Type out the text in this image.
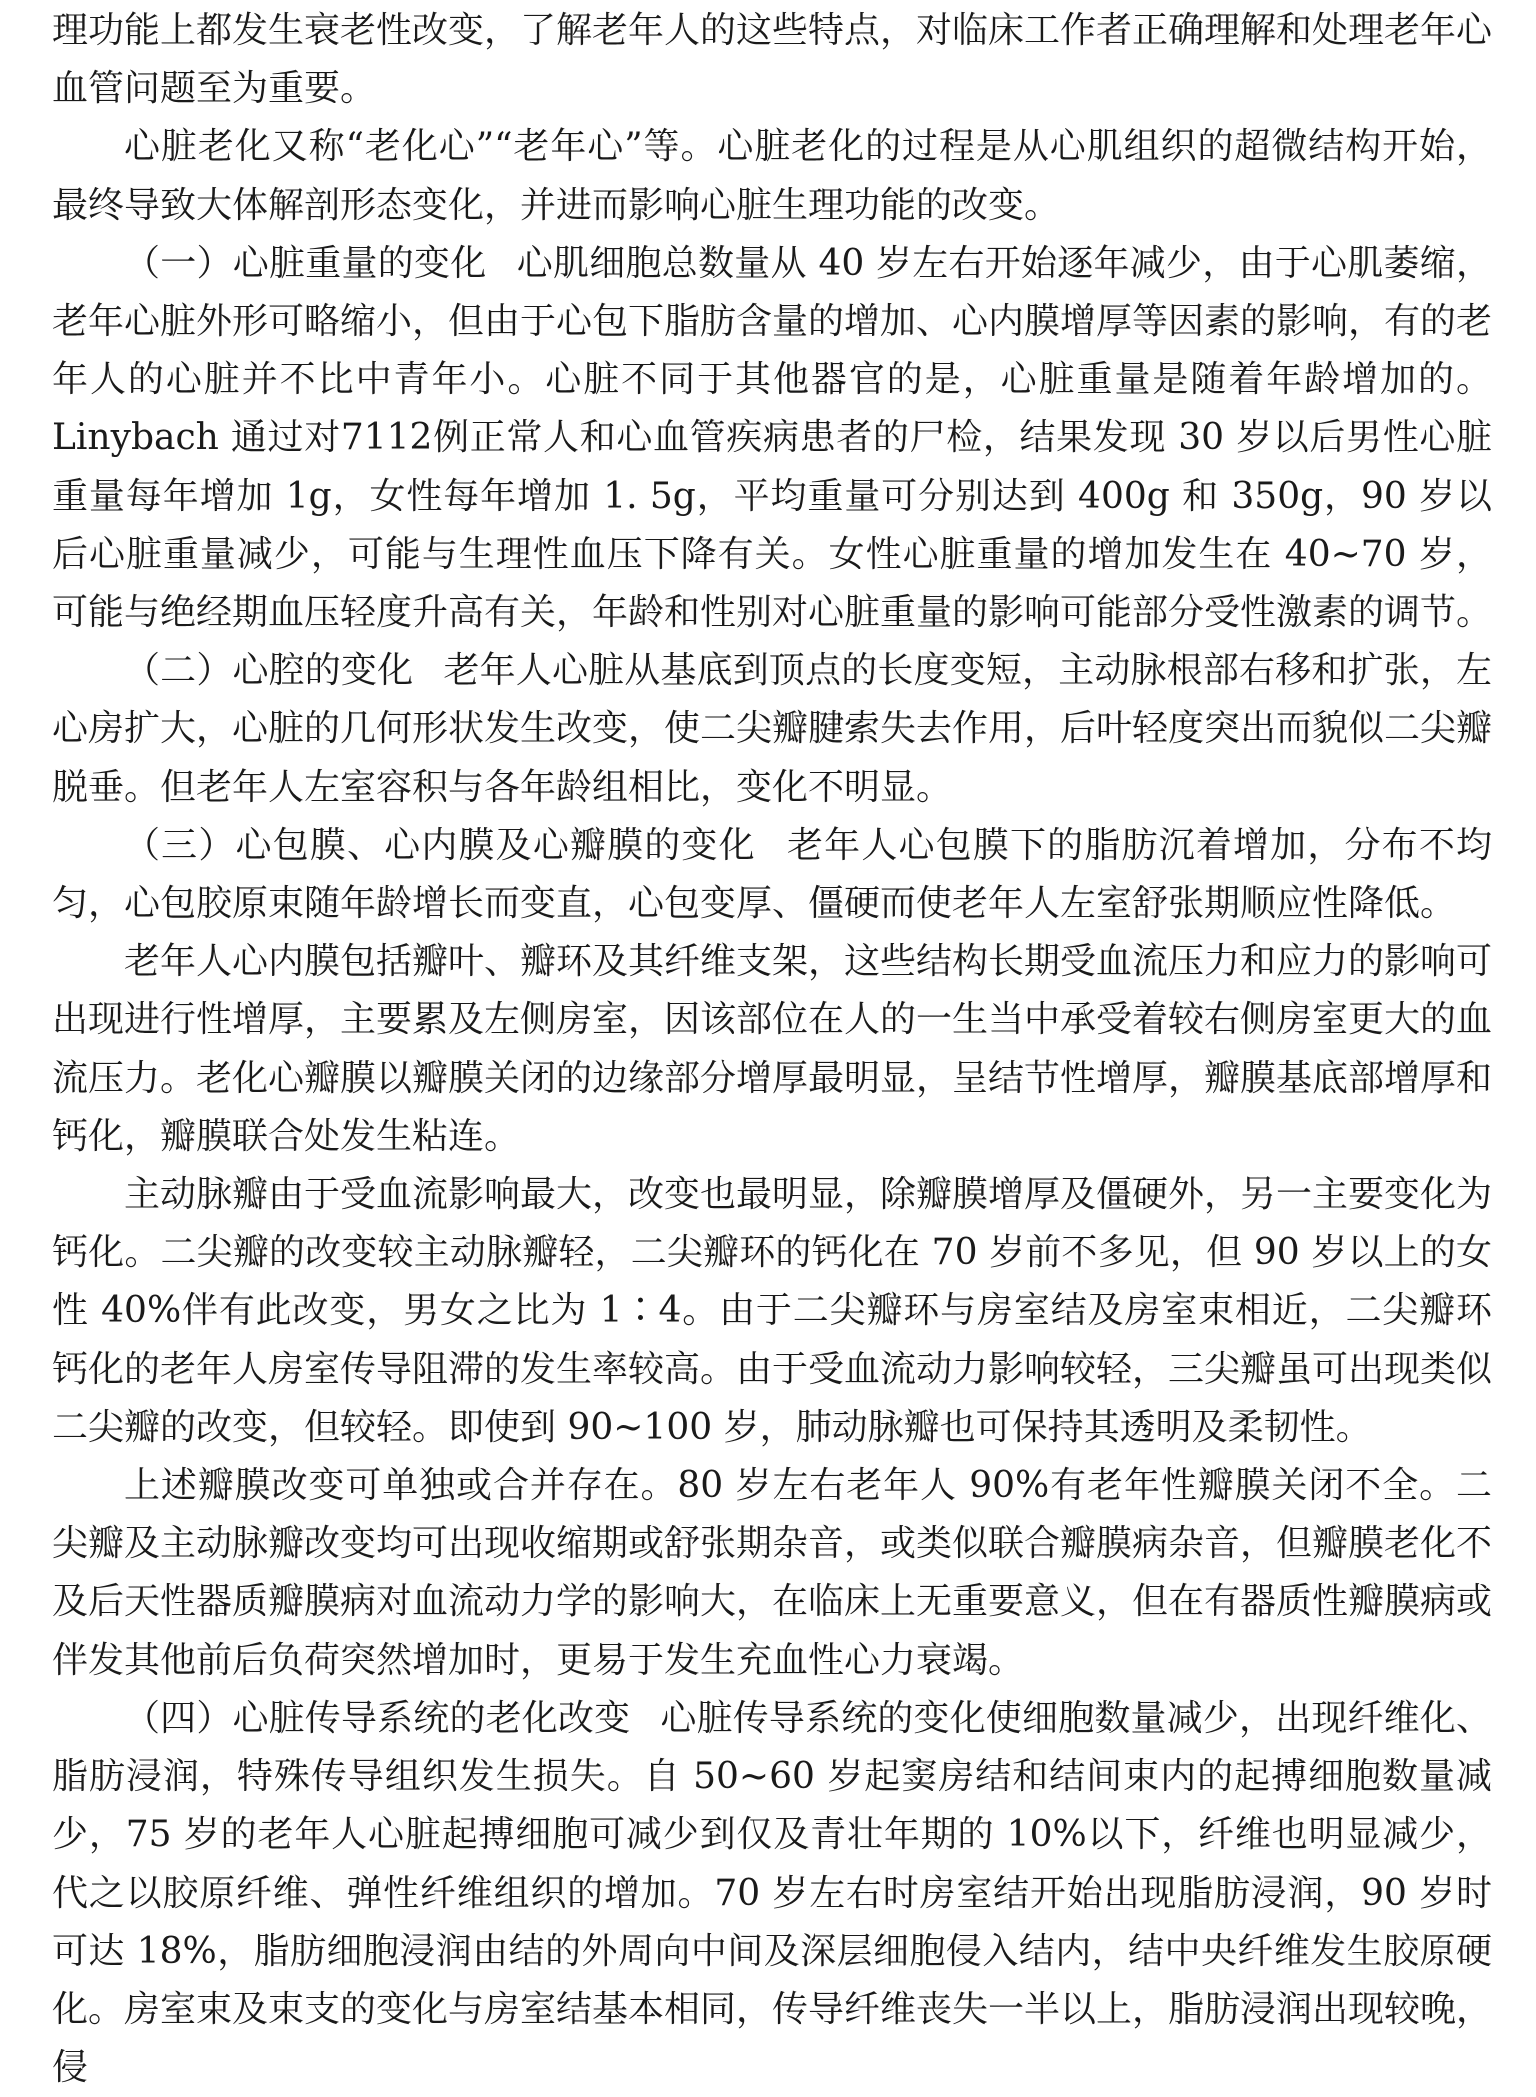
理功能上都发生衰老性改变，了解老年人的这些特点，对临床工作者正确理解和处理老年心血管问题至为重要。

心脏老化又称“老化心”“老年心”等。心脏老化的过程是从心肌组织的超微结构开始，最终导致大体解剖形态变化，并进而影响心脏生理功能的改变。

（一）心脏重量的变化 心肌细胞总数量从 40 岁左右开始逐年减少，由于心肌萎缩，老年心脏外形可略缩小，但由于心包下脂肪含量的增加、心内膜增厚等因素的影响，有的老年人的心脏并不比中青年小。心脏不同于其他器官的是，心脏重量是随着年龄增加的。Linybach 通过对7112例正常人和心血管疾病患者的尸检，结果发现 30 岁以后男性心脏重量每年增加 1g，女性每年增加 1. 5g，平均重量可分别达到 400g 和 350g，90 岁以后心脏重量减少，可能与生理性血压下降有关。女性心脏重量的增加发生在 40~70 岁，可能与绝经期血压轻度升高有关，年龄和性别对心脏重量的影响可能部分受性激素的调节。

（二）心腔的变化 老年人心脏从基底到顶点的长度变短，主动脉根部右移和扩张，左心房扩大，心脏的几何形状发生改变，使二尖瓣腱索失去作用，后叶轻度突出而貌似二尖瓣脱垂。但老年人左室容积与各年龄组相比，变化不明显。

（三）心包膜、心内膜及心瓣膜的变化 老年人心包膜下的脂肪沉着增加，分布不均匀，心包胶原束随年龄增长而变直，心包变厚、僵硬而使老年人左室舒张期顺应性降低。

老年人心内膜包括瓣叶、瓣环及其纤维支架，这些结构长期受血流压力和应力的影响可出现进行性增厚，主要累及左侧房室，因该部位在人的一生当中承受着较右侧房室更大的血流压力。老化心瓣膜以瓣膜关闭的边缘部分增厚最明显，呈结节性增厚，瓣膜基底部增厚和钙化，瓣膜联合处发生粘连。

主动脉瓣由于受血流影响最大，改变也最明显，除瓣膜增厚及僵硬外，另一主要变化为钙化。二尖瓣的改变较主动脉瓣轻，二尖瓣环的钙化在 70 岁前不多见，但 90 岁以上的女性 40%伴有此改变，男女之比为 1∶4。由于二尖瓣环与房室结及房室束相近，二尖瓣环钙化的老年人房室传导阻滞的发生率较高。由于受血流动力影响较轻，三尖瓣虽可出现类似二尖瓣的改变，但较轻。即使到 90~100 岁，肺动脉瓣也可保持其透明及柔韧性。

上述瓣膜改变可单独或合并存在。80 岁左右老年人 90%有老年性瓣膜关闭不全。二尖瓣及主动脉瓣改变均可出现收缩期或舒张期杂音，或类似联合瓣膜病杂音，但瓣膜老化不及后天性器质瓣膜病对血流动力学的影响大，在临床上无重要意义，但在有器质性瓣膜病或伴发其他前后负荷突然增加时，更易于发生充血性心力衰竭。

（四）心脏传导系统的老化改变 心脏传导系统的变化使细胞数量减少，出现纤维化、脂肪浸润，特殊传导组织发生损失。自 50~60 岁起窦房结和结间束内的起搏细胞数量减少，75 岁的老年人心脏起搏细胞可减少到仅及青壮年期的 10%以下，纤维也明显减少，代之以胶原纤维、弹性纤维组织的增加。70 岁左右时房室结开始出现脂肪浸润，90 岁时可达 18%，脂肪细胞浸润由结的外周向中间及深层细胞侵入结内，结中央纤维发生胶原硬化。房室束及束支的变化与房室结基本相同，传导纤维丧失一半以上，脂肪浸润出现较晚，侵
